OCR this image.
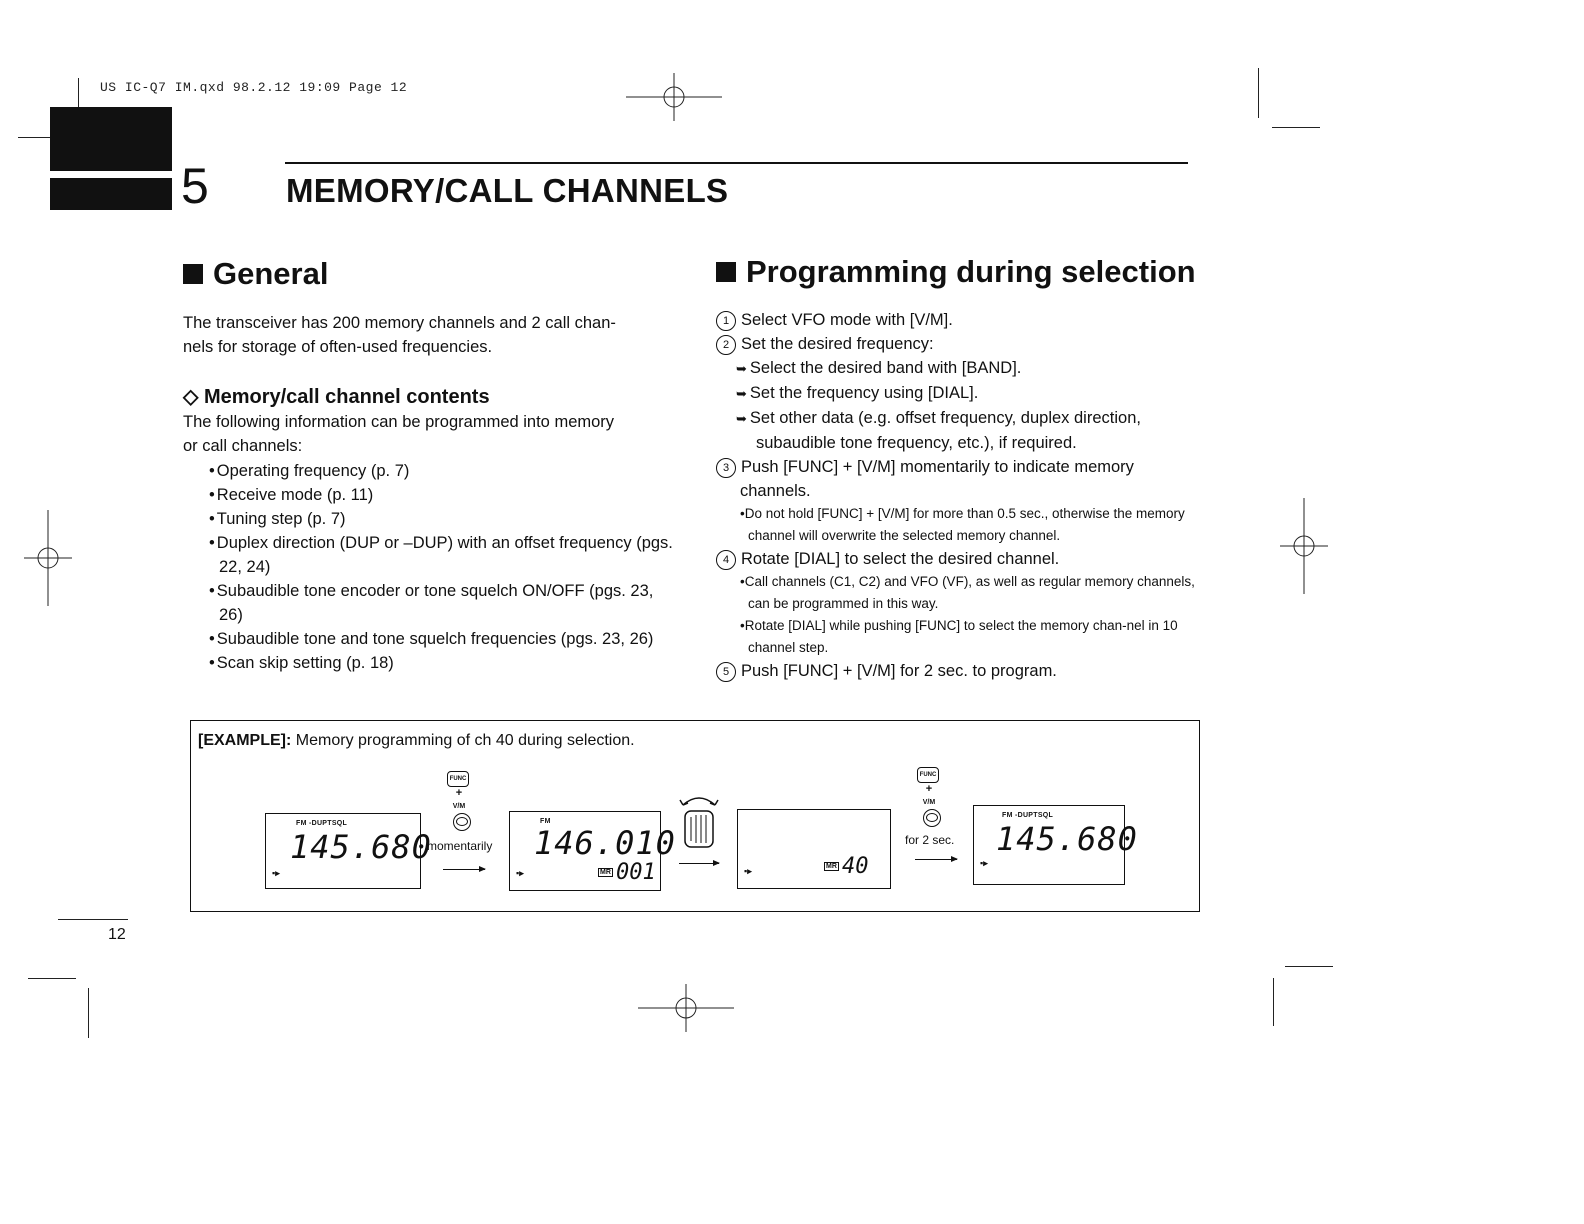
US IC-Q7 IM.qxd 98.2.12 19:09 Page 12
5 MEMORY/CALL CHANNELS
General
The transceiver has 200 memory channels and 2 call chan-
nels for storage of often-used frequencies.
◇ Memory/call channel contents
The following information can be programmed into memory
or call channels:
• Operating frequency (p. 7)
• Receive mode (p. 11)
• Tuning step (p. 7)
• Duplex direction (DUP or –DUP) with an offset frequency (pgs. 22, 24)
• Subaudible tone encoder or tone squelch ON/OFF (pgs. 23, 26)
• Subaudible tone and tone squelch frequencies (pgs. 23, 26)
• Scan skip setting (p. 18)
Programming during selection
1 Select VFO mode with [V/M].
2 Set the desired frequency:
➥ Select the desired band with [BAND].
➥ Set the frequency using [DIAL].
➥ Set other data (e.g. offset frequency, duplex direction, subaudible tone frequency, etc.), if required.
3 Push [FUNC] + [V/M] momentarily to indicate memory channels.
•Do not hold [FUNC] + [V/M] for more than 0.5 sec., otherwise the memory channel will overwrite the selected memory channel.
4 Rotate [DIAL] to select the desired channel.
•Call channels (C1, C2) and VFO (VF), as well as regular memory channels, can be programmed in this way.
•Rotate [DIAL] while pushing [FUNC] to select the memory chan-nel in 10 channel step.
5 Push [FUNC] + [V/M] for 2 sec. to program.
[EXAMPLE]: Memory programming of ch 40 during selection.
FM -DUPTSQL
145.680
▪▸
FUNC
+
V/M
momentarily
FM
146.010
MR 001
▪▸
MR 40
▪▸
FUNC
+
V/M
for 2 sec.
FM -DUPTSQL
145.680
▪▸
12
